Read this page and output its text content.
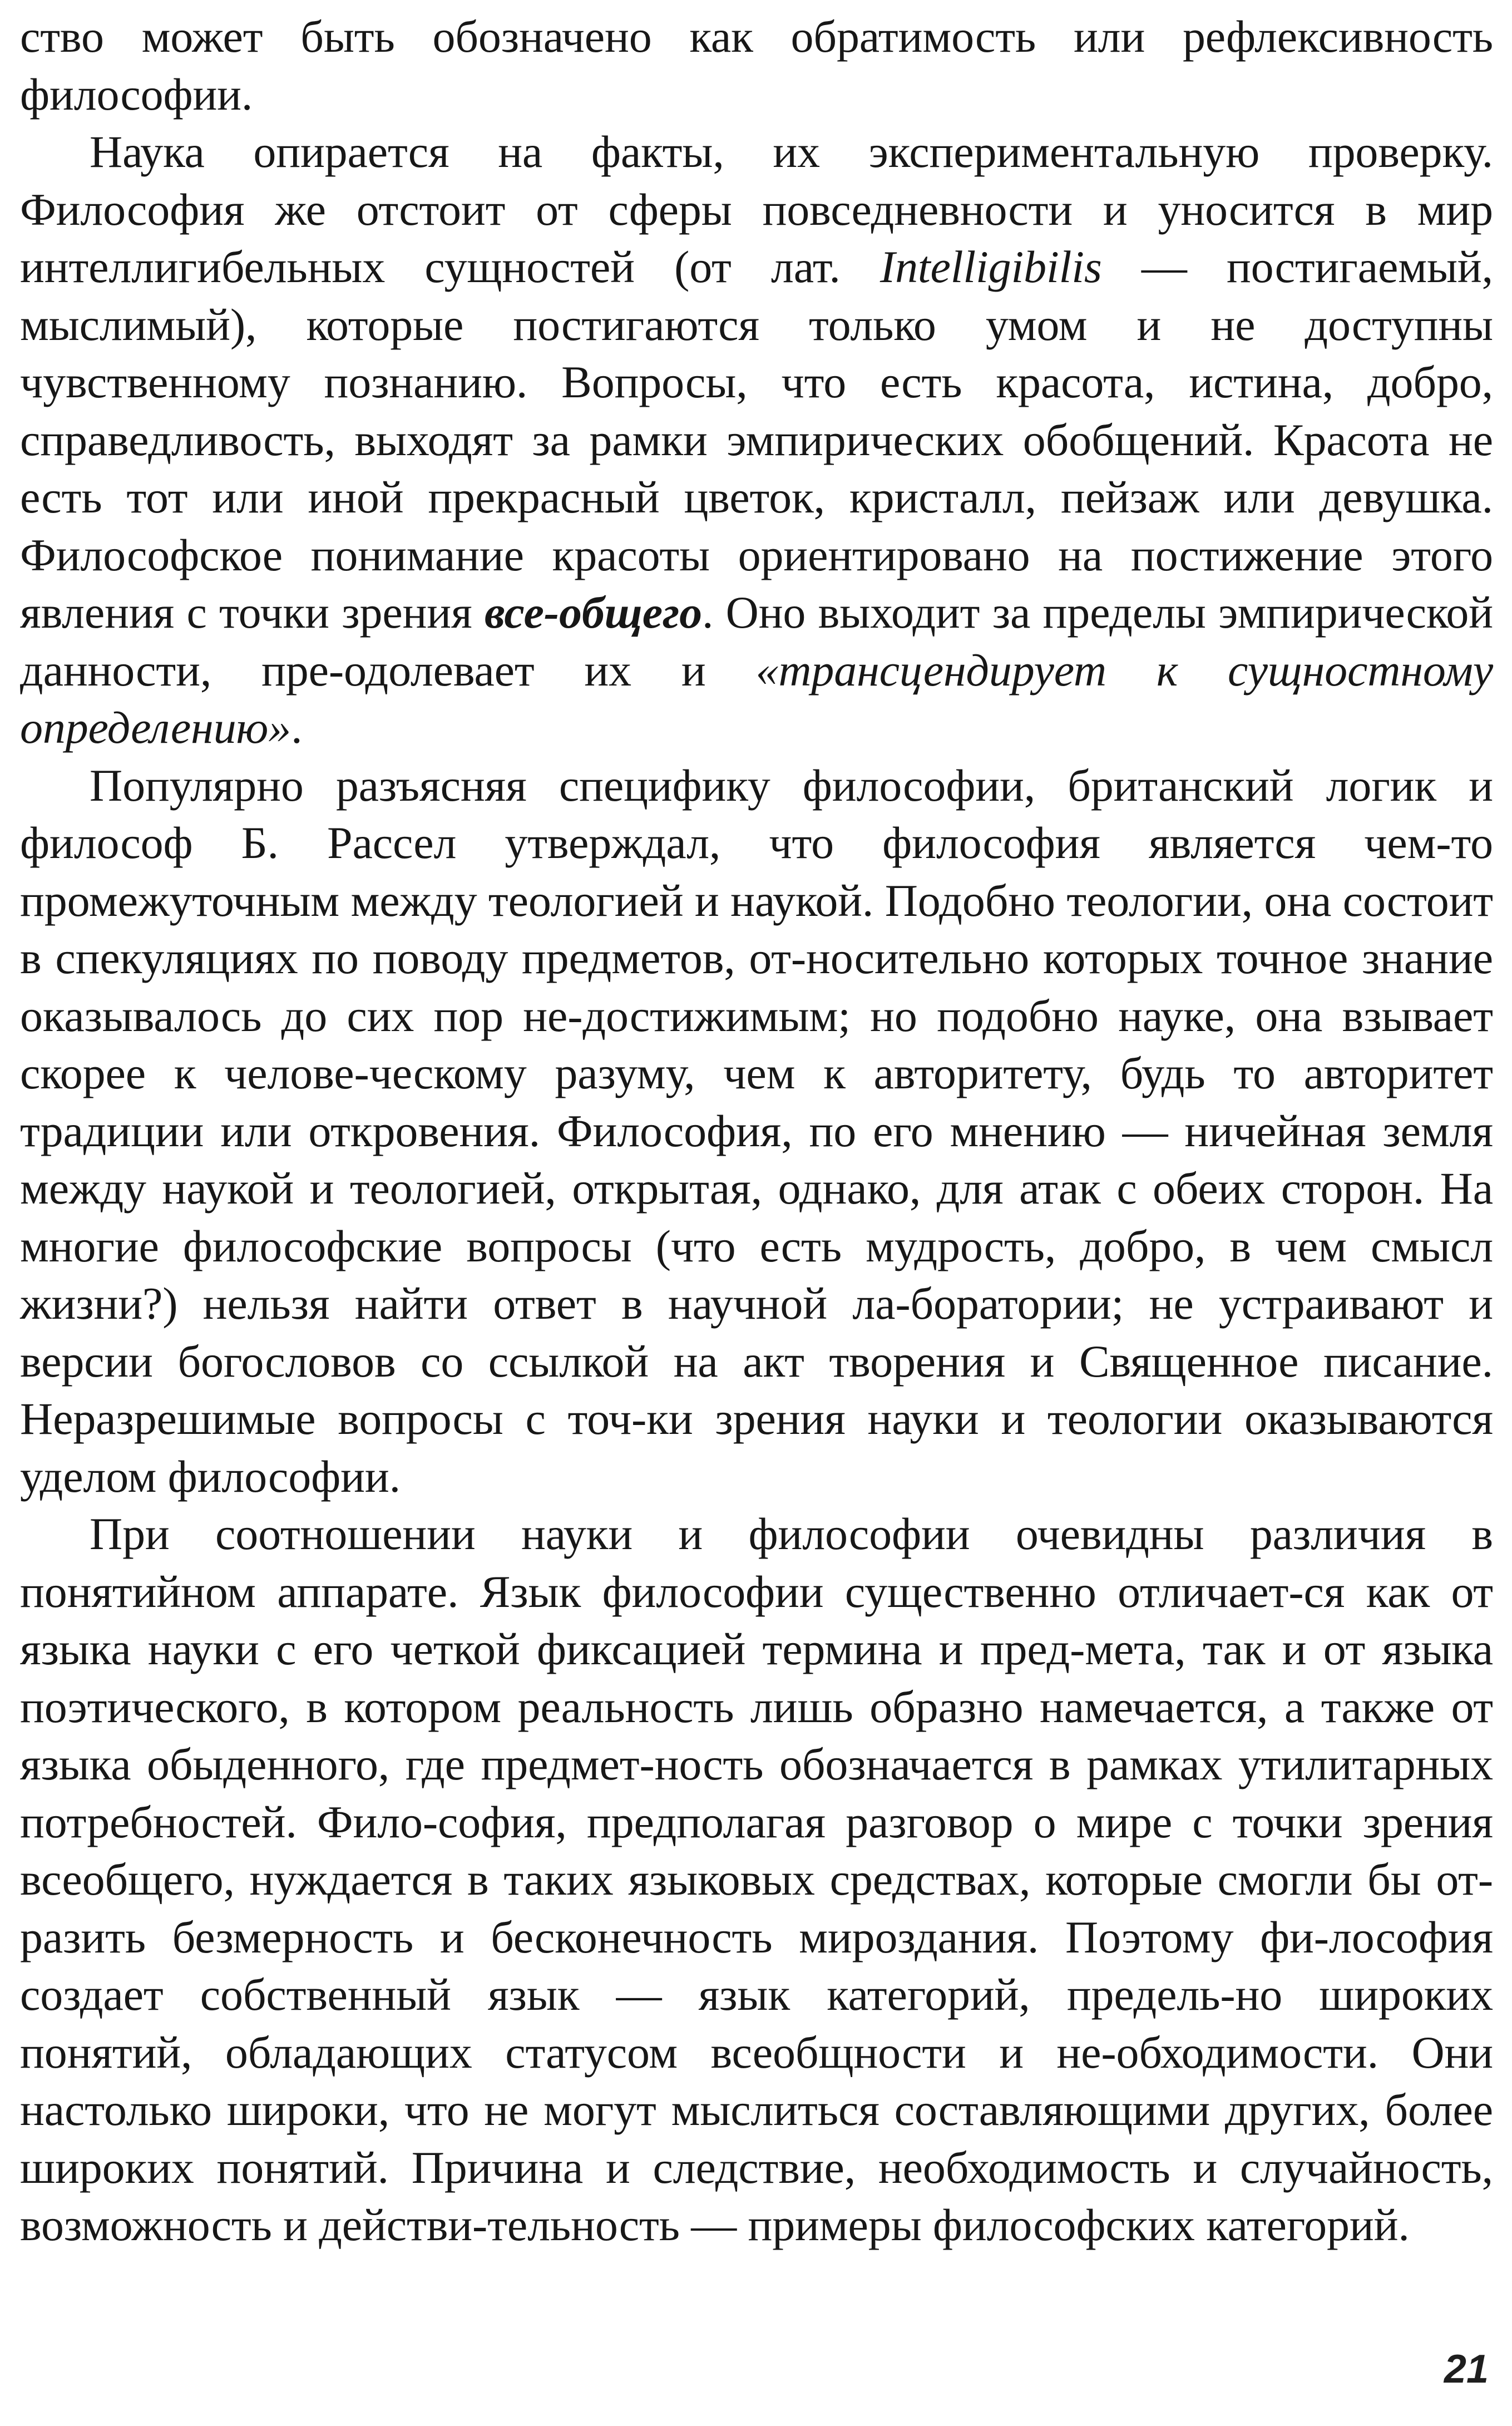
ство может быть обозначено как обратимость или рефлексивность философии.

Наука опирается на факты, их экспериментальную проверку. Философия же отстоит от сферы повседневности и уносится в мир интеллигибельных сущностей (от лат. Intelligibilis — постигаемый, мыслимый), которые постигаются только умом и не доступны чувственному познанию. Вопросы, что есть красота, истина, добро, справедливость, выходят за рамки эмпирических обобщений. Красота не есть тот или иной прекрасный цветок, кристалл, пейзаж или девушка. Философское понимание красоты ориентировано на постижение этого явления с точки зрения все-общего. Оно выходит за пределы эмпирической данности, пре-одолевает их и «трансцендирует к сущностному определению».

Популярно разъясняя специфику философии, британский логик и философ Б. Рассел утверждал, что философия является чем-то промежуточным между теологией и наукой. Подобно теологии, она состоит в спекуляциях по поводу предметов, от-носительно которых точное знание оказывалось до сих пор не-достижимым; но подобно науке, она взывает скорее к челове-ческому разуму, чем к авторитету, будь то авторитет традиции или откровения. Философия, по его мнению — ничейная земля между наукой и теологией, открытая, однако, для атак с обеих сторон. На многие философские вопросы (что есть мудрость, добро, в чем смысл жизни?) нельзя найти ответ в научной ла-боратории; не устраивают и версии богословов со ссылкой на акт творения и Священное писание. Неразрешимые вопросы с точ-ки зрения науки и теологии оказываются уделом философии.

При соотношении науки и философии очевидны различия в понятийном аппарате. Язык философии существенно отличает-ся как от языка науки с его четкой фиксацией термина и пред-мета, так и от языка поэтического, в котором реальность лишь образно намечается, а также от языка обыденного, где предмет-ность обозначается в рамках утилитарных потребностей. Фило-софия, предполагая разговор о мире с точки зрения всеобщего, нуждается в таких языковых средствах, которые смогли бы от-разить безмерность и бесконечность мироздания. Поэтому фи-лософия создает собственный язык — язык категорий, предель-но широких понятий, обладающих статусом всеобщности и не-обходимости. Они настолько широки, что не могут мыслиться составляющими других, более широких понятий. Причина и следствие, необходимость и случайность, возможность и действи-тельность — примеры философских категорий.

21
